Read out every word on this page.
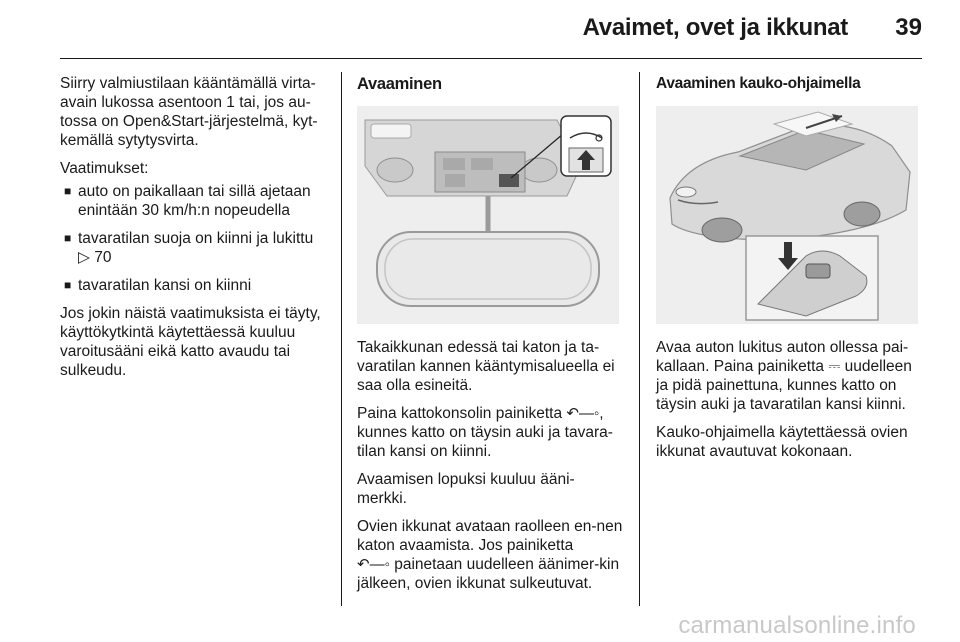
Avaimet, ovet ja ikkunat 39

Siirry valmiustilaan kääntämällä virta-avain lukossa asentoon 1 tai, jos au-tossa on Open&Start-järjestelmä, kyt-kemällä sytytysvirta.

Vaatimukset:

■ auto on paikallaan tai sillä ajetaan enintään 30 km/h:n nopeudella
■ tavaratilan suoja on kiinni ja lukittu
▷ 70
■ tavaratilan kansi on kiinni

Jos jokin näistä vaatimuksista ei täyty, käyttökytkintä käytettäessä kuuluu varoitusääni eikä katto avaudu tai sulkeudu.

Avaaminen

Takaikkunan edessä tai katon ja ta-varatilan kannen kääntymisalueella ei saa olla esineitä.

Paina kattokonsolin painiketta ↶—◦, kunnes katto on täysin auki ja tavara-tilan kansi on kiinni.

Avaamisen lopuksi kuuluu ääni-merkki.

Ovien ikkunat avataan raolleen en-nen katon avaamista. Jos painiketta
↶—◦ painetaan uudelleen äänimer-kin jälkeen, ovien ikkunat sulkeutuvat.

Avaaminen kauko-ohjaimella

Avaa auton lukitus auton ollessa pai-kallaan. Paina painiketta ⎓ uudelleen ja pidä painettuna, kunnes katto on täysin auki ja tavaratilan kansi kiinni.

Kauko-ohjaimella käytettäessä ovien ikkunat avautuvat kokonaan.

carmanualsonline.info
